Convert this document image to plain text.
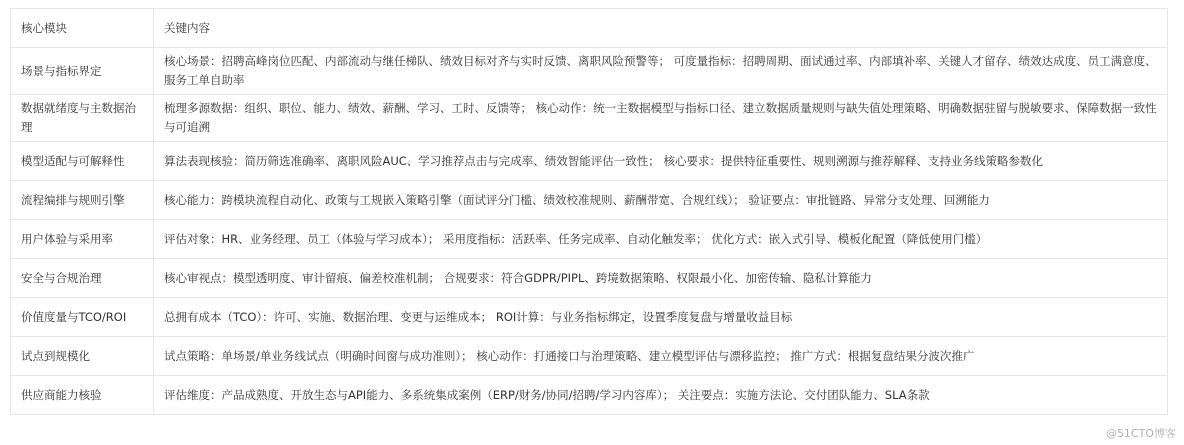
核心模块	关键内容
场景与指标界定	核心场景：招聘高峰岗位匹配、内部流动与继任梯队、绩效目标对齐与实时反馈、离职风险预警等； 可度量指标：招聘周期、面试通过率、内部填补率、关键人才留存、绩效达成度、员工满意度、服务工单自助率
数据就绪度与主数据治理	梳理多源数据：组织、职位、能力、绩效、薪酬、学习、工时、反馈等； 核心动作：统一主数据模型与指标口径、建立数据质量规则与缺失值处理策略、明确数据驻留与脱敏要求、保障数据一致性与可追溯
模型适配与可解释性	算法表现核验：简历筛选准确率、离职风险AUC、学习推荐点击与完成率、绩效智能评估一致性； 核心要求：提供特征重要性、规则溯源与推荐解释、支持业务线策略参数化
流程编排与规则引擎	核心能力：跨模块流程自动化、政策与工规嵌入策略引擎（面试评分门槛、绩效校准规则、薪酬带宽、合规红线）； 验证要点：审批链路、异常分支处理、回溯能力
用户体验与采用率	评估对象：HR、业务经理、员工（体验与学习成本）； 采用度指标：活跃率、任务完成率、自动化触发率； 优化方式：嵌入式引导、模板化配置（降低使用门槛）
安全与合规治理	核心审视点：模型透明度、审计留痕、偏差校准机制； 合规要求：符合GDPR/PIPL、跨境数据策略、权限最小化、加密传输、隐私计算能力
价值度量与TCO/ROI	总拥有成本（TCO）：许可、实施、数据治理、变更与运维成本； ROI计算：与业务指标绑定，设置季度复盘与增量收益目标
试点到规模化	试点策略：单场景/单业务线试点（明确时间窗与成功准则）； 核心动作：打通接口与治理策略、建立模型评估与漂移监控； 推广方式：根据复盘结果分波次推广
供应商能力核验	评估维度：产品成熟度、开放生态与API能力、多系统集成案例（ERP/财务/协同/招聘/学习内容库）； 关注要点：实施方法论、交付团队能力、SLA条款
@51CTO博客
